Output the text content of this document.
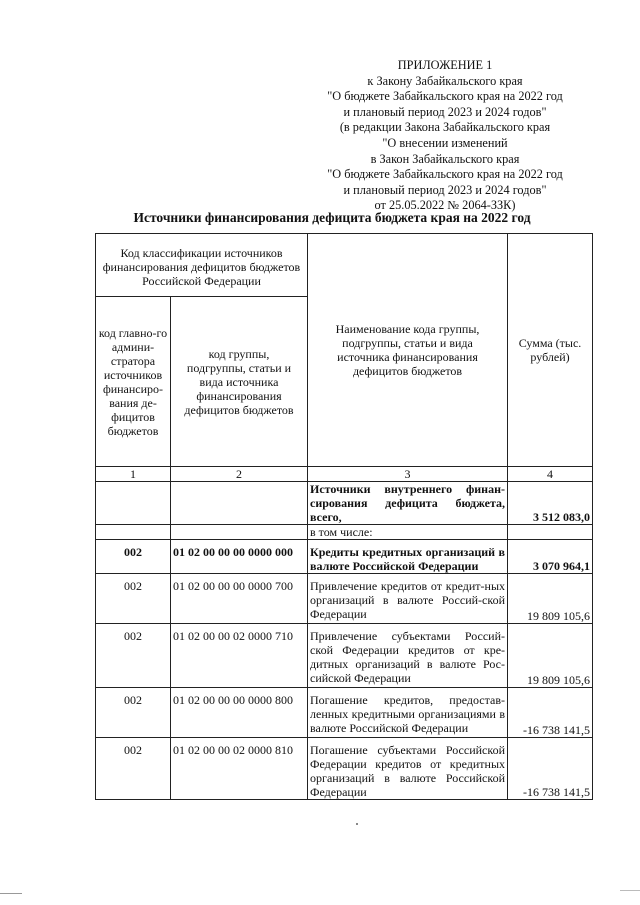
ПРИЛОЖЕНИЕ 1
к Закону Забайкальского края
"О бюджете Забайкальского края на 2022 год
и плановый период 2023 и 2024 годов"
(в редакции Закона Забайкальского края
"О внесении изменений
в Закон Забайкальского края
"О бюджете Забайкальского края на 2022 год
и плановый период 2023 и 2024 годов"
от 25.05.2022 № 2064-ЗЗК)
Источники финансирования дефицита бюджета края на 2022 год
Код классификации источников финансирования дефицитов бюджетов Российской Федерации		Наименование кода группы, подгруппы, статьи и вида источника финансирования дефицитов бюджетов	Сумма (тыс. рублей)
код главно-го админи-стратора источников финансиро-вания де-фицитов бюджетов	код группы, подгруппы, статьи и вида источника финансирования дефицитов бюджетов		
1	2	3	4
		Источники внутреннего финан-сирования дефицита бюджета, всего,	3 512 083,0
		в том числе:	
002	01 02 00 00 00 0000 000	Кредиты кредитных организаций в валюте Российской Федерации	3 070 964,1
002	01 02 00 00 00 0000 700	Привлечение кредитов от кредит-ных организаций в валюте Россий-ской Федерации	19 809 105,6
002	01 02 00 00 02 0000 710	Привлечение субъектами Россий-ской Федерации кредитов от кре-дитных организаций в валюте Рос-сийской Федерации	19 809 105,6
002	01 02 00 00 00 0000 800	Погашение кредитов, предостав-ленных кредитными организациями в валюте Российской Федерации	-16 738 141,5
002	01 02 00 00 02 0000 810	Погашение субъектами Российской Федерации кредитов от кредитных организаций в валюте Российской Федерации	-16 738 141,5
